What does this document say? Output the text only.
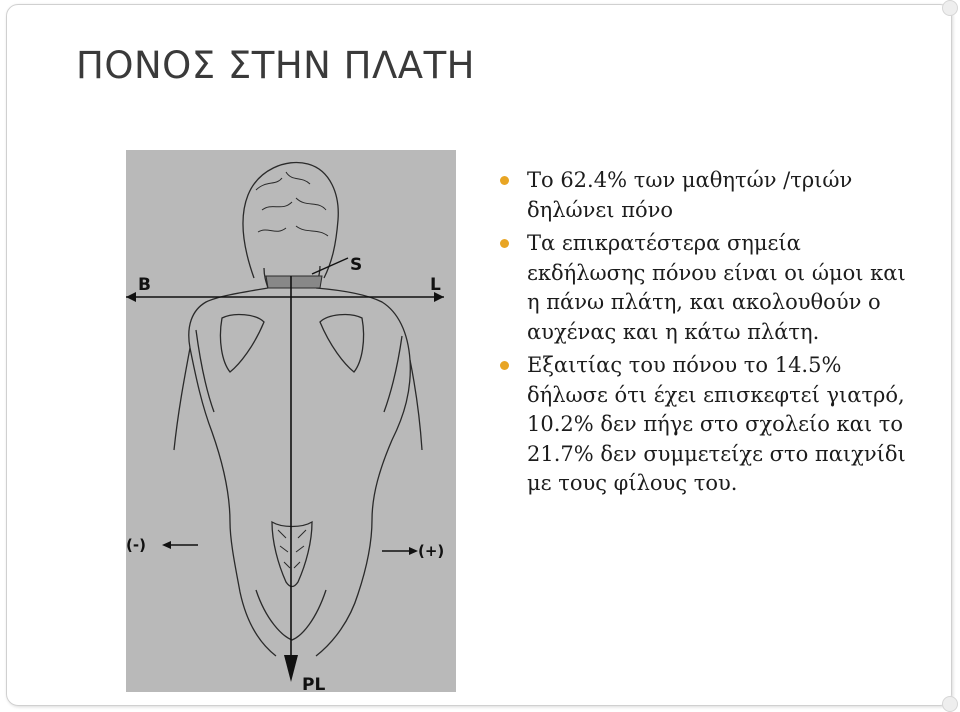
ΠΟΝΟΣ ΣΤΗΝ ΠΛΑΤΗ
B
S
L
(-)	(+)
PL
Το 62.4% των μαθητών /τριών δηλώνει πόνο
Τα επικρατέστερα σημεία εκδήλωσης πόνου είναι οι ώμοι και η πάνω πλάτη, και ακολουθούν ο αυχένας και η κάτω πλάτη.
Εξαιτίας του πόνου το 14.5% δήλωσε ότι έχει επισκεφτεί γιατρό, 10.2% δεν πήγε στο σχολείο και το 21.7% δεν συμμετείχε στο παιχνίδι με τους φίλους του.
